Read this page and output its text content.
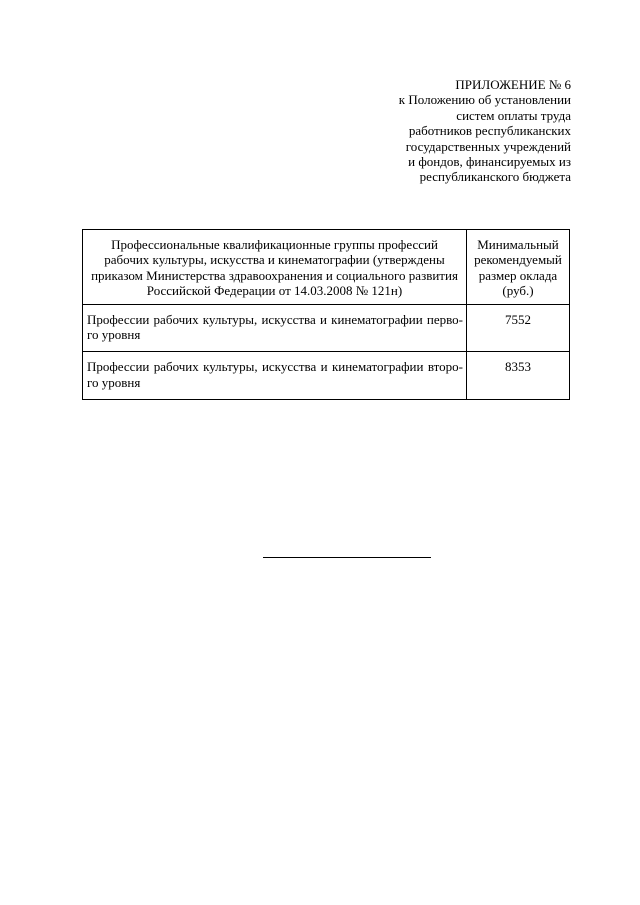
ПРИЛОЖЕНИЕ № 6
к Положению об установлении
систем оплаты труда
работников республиканских
государственных учреждений
и фондов, финансируемых из
республиканского бюджета
Профессиональные квалификационные группы профессий рабочих культуры, искусства и кинематографии (утверждены приказом Министерства здравоохранения и социального развития Российской Федерации от 14.03.2008 № 121н)	Минимальный рекомендуемый размер оклада (руб.)
Профессии рабочих культуры, искусства и кинематографии первого уровня	7552
Профессии рабочих культуры, искусства и кинематографии второго уровня	8353
